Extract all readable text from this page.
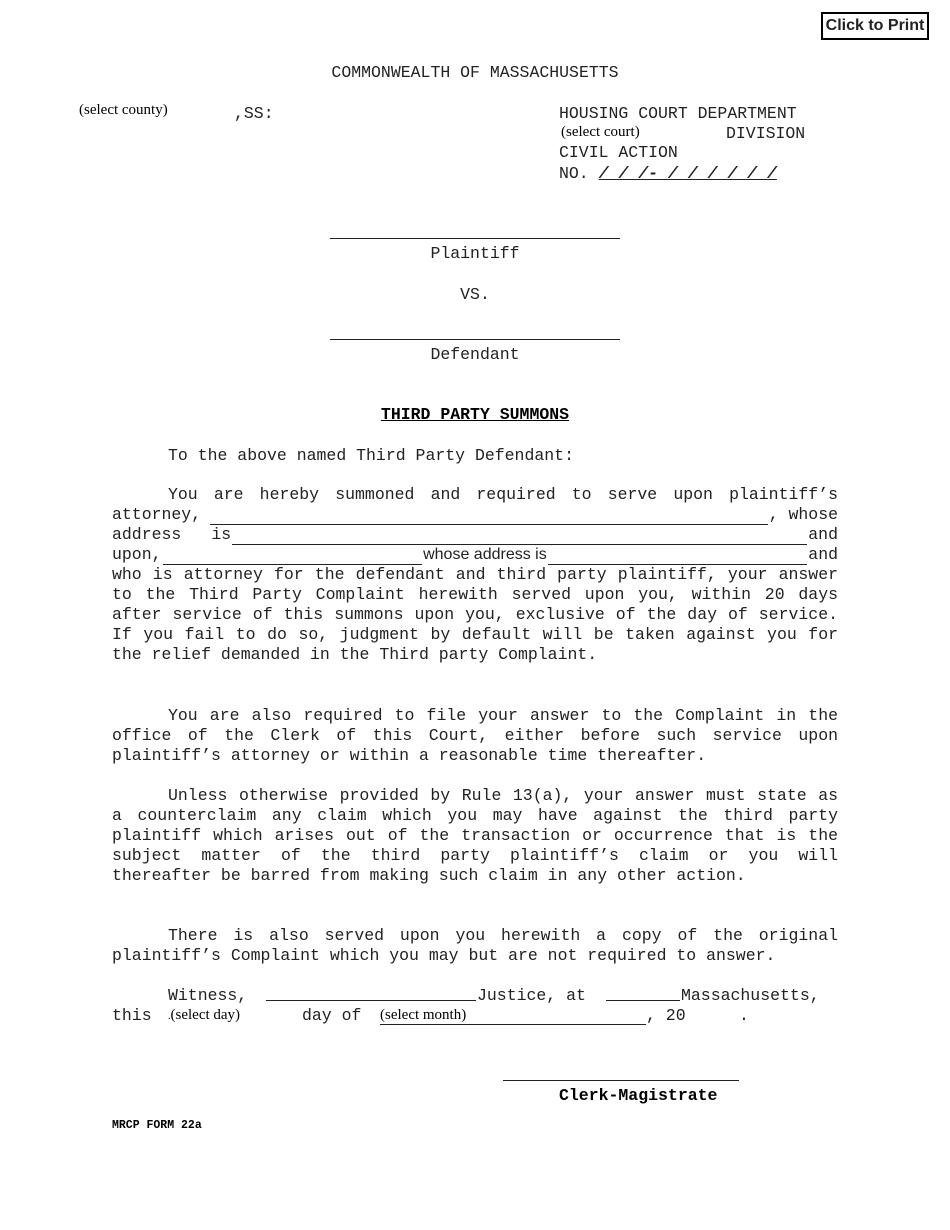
Click to Print
COMMONWEALTH OF MASSACHUSETTS
(select county)	,SS:	HOUSING COURT DEPARTMENT
(select court)	DIVISION
CIVIL ACTION
NO. / / /- / / / / / /
Plaintiff
VS.
Defendant
THIRD PARTY SUMMONS
To the above named Third Party Defendant:

You are hereby summoned and required to serve upon plaintiff’s

attorney,	, whose
address is	and
upon,	whose address is	and

who is attorney for the defendant and third party plaintiff, your answer to the Third Party Complaint herewith served upon you, within 20 days after service of this summons upon you, exclusive of the day of service. If you fail to do so, judgment by default will be taken against you for the relief demanded in the Third party Complaint.

You are also required to file your answer to the Complaint in the office of the Clerk of this Court, either before such service upon plaintiff’s attorney or within a reasonable time thereafter.

Unless otherwise provided by Rule 13(a), your answer must state as a counterclaim any claim which you may have against the third party plaintiff which arises out of the transaction or occurrence that is the subject matter of the third party plaintiff’s claim or you will thereafter be barred from making such claim in any other action.

There is also served upon you herewith a copy of the original plaintiff’s Complaint which you may but are not required to answer.

Witness,	Justice, at	Massachusetts,
this .(select day)	day of (select month)	, 20	.
Clerk-Magistrate
MRCP FORM 22a
